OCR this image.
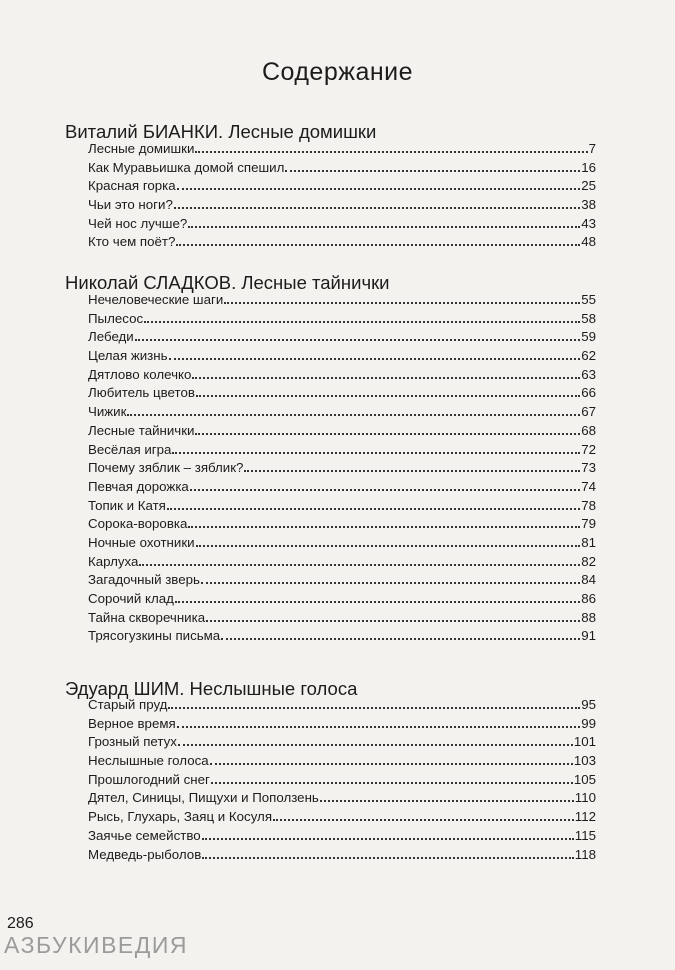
Содержание
Виталий БИАНКИ. Лесные домишки
Лесные домишки	7
Как Муравьишка домой спешил	16
Красная горка	25
Чьи это ноги?	38
Чей нос лучше?	43
Кто чем поёт?	48
Николай СЛАДКОВ. Лесные тайнички
Нечеловеческие шаги	55
Пылесос	58
Лебеди	59
Целая жизнь	62
Дятлово колечко	63
Любитель цветов	66
Чижик	67
Лесные тайнички	68
Весёлая игра	72
Почему зяблик – зяблик?	73
Певчая дорожка	74
Топик и Катя	78
Сорока-воровка	79
Ночные охотники	81
Карлуха	82
Загадочный зверь	84
Сорочий клад	86
Тайна скворечника	88
Трясогузкины письма	91
Эдуард ШИМ. Неслышные голоса
Старый пруд	95
Верное время	99
Грозный петух	101
Неслышные голоса	103
Прошлогодний снег	105
Дятел, Синицы, Пищухи и Поползень	110
Рысь, Глухарь, Заяц и Косуля	112
Заячье семейство	115
Медведь-рыболов	118
286
АЗБУКИВЕДИЯ
